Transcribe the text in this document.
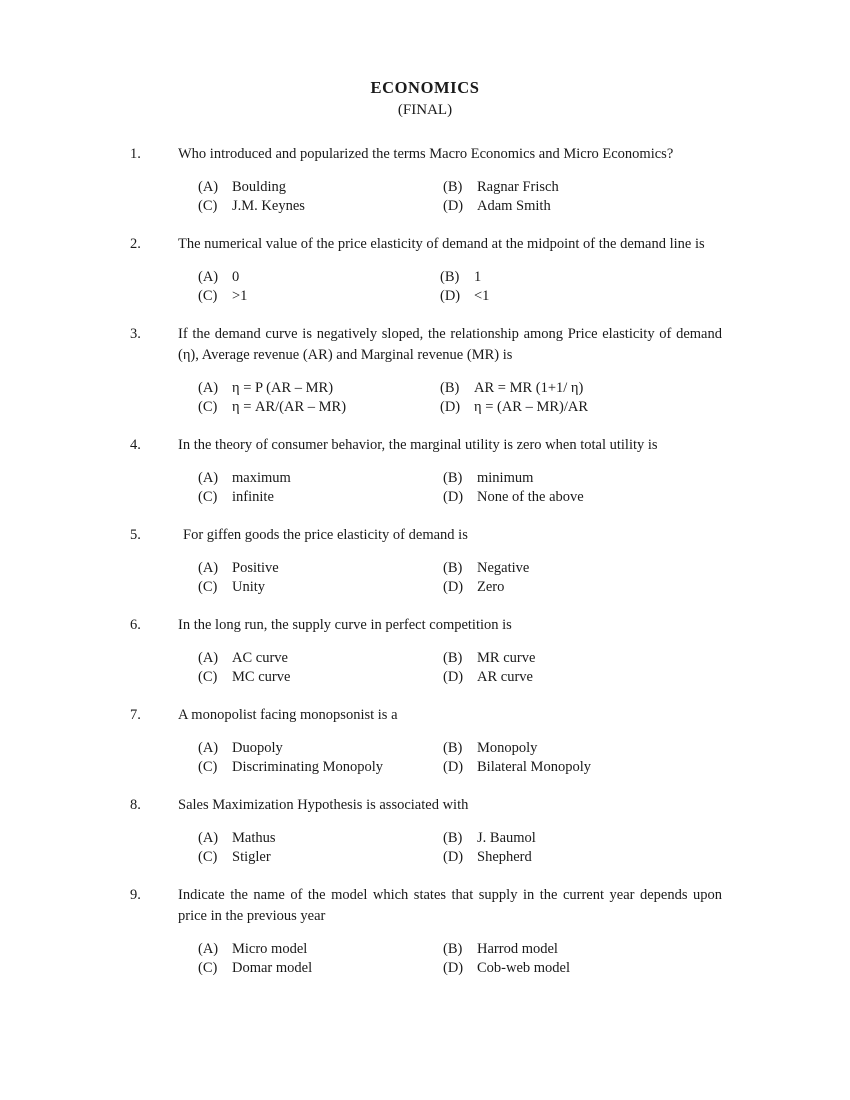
ECONOMICS
(FINAL)
1.	Who introduced and popularized the terms Macro Economics and Micro Economics?
(A) Boulding	(B)	Ragnar Frisch
(C)	J.M. Keynes	(D) Adam Smith
2.	The numerical value of the price elasticity of demand at the midpoint of the demand line is
(A) 0	(B)	1
(C)	>1	(D) <1
3.	If the demand curve is negatively sloped, the relationship among Price elasticity of demand (η), Average revenue (AR) and Marginal revenue (MR) is
(A) η = P (AR – MR)	(B)	AR = MR (1+1/ η)
(C)	η = AR/(AR – MR)	(D) η = (AR – MR)/AR
4.	In the theory of consumer behavior, the marginal utility is zero when total utility is
(A) maximum	(B)	minimum
(C)	infinite	(D) None of the above
5.	For giffen goods the price elasticity of demand is
(A) Positive	(B)	Negative
(C)	Unity	(D) Zero
6.	In the long run, the supply curve in perfect competition is
(A) AC curve	(B)	MR curve
(C)	MC curve	(D) AR curve
7.	A monopolist facing monopsonist is a
(A) Duopoly	(B)	Monopoly
(C)	Discriminating Monopoly	(D) Bilateral Monopoly
8.	Sales Maximization Hypothesis is associated with
(A) Mathus	(B)	J. Baumol
(C)	Stigler	(D) Shepherd
9.	Indicate the name of the model which states that supply in the current year depends upon price in the previous year
(A) Micro model	(B)	Harrod model
(C)	Domar model	(D) Cob-web model
